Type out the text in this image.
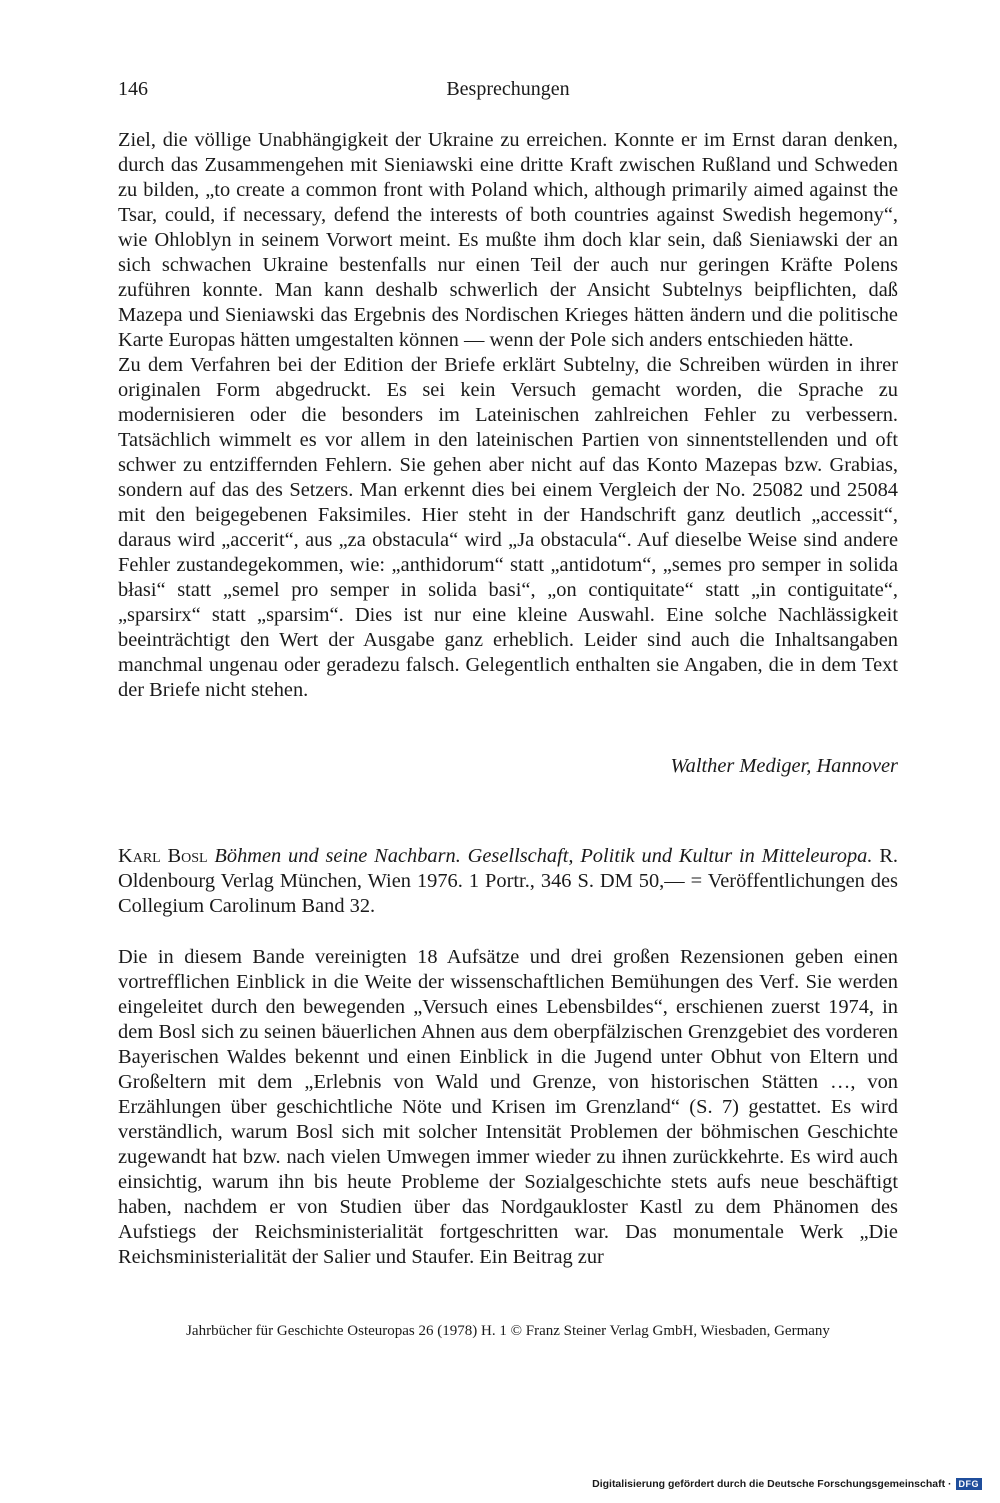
146	Besprechungen

Ziel, die völlige Unabhängigkeit der Ukraine zu erreichen. Konnte er im Ernst daran denken, durch das Zusammengehen mit Sieniawski eine dritte Kraft zwischen Rußland und Schweden zu bilden, „to create a common front with Poland which, although primarily aimed against the Tsar, could, if necessary, defend the interests of both countries against Swedish hegemony“, wie Ohloblyn in seinem Vorwort meint. Es mußte ihm doch klar sein, daß Sieniawski der an sich schwachen Ukraine bestenfalls nur einen Teil der auch nur geringen Kräfte Polens zuführen konnte. Man kann deshalb schwerlich der Ansicht Subtelnys beipflichten, daß Mazepa und Sieniawski das Ergebnis des Nordischen Krieges hätten ändern und die politische Karte Europas hätten umgestalten können — wenn der Pole sich anders entschieden hätte.

Zu dem Verfahren bei der Edition der Briefe erklärt Subtelny, die Schreiben würden in ihrer originalen Form abgedruckt. Es sei kein Versuch gemacht worden, die Sprache zu modernisieren oder die besonders im Lateinischen zahlreichen Fehler zu verbessern. Tatsächlich wimmelt es vor allem in den lateinischen Partien von sinnentstellenden und oft schwer zu entziffernden Fehlern. Sie gehen aber nicht auf das Konto Mazepas bzw. Grabias, sondern auf das des Setzers. Man erkennt dies bei einem Vergleich der No. 25082 und 25084 mit den beigegebenen Faksimiles. Hier steht in der Handschrift ganz deutlich „accessit“, daraus wird „accerit“, aus „za obstacula“ wird „Ja obstacula“. Auf dieselbe Weise sind andere Fehler zustandegekommen, wie: „anthidorum“ statt „antidotum“, „semes pro semper in solida błasi“ statt „semel pro semper in solida basi“, „on contiquitate“ statt „in contiguitate“, „sparsirx“ statt „sparsim“. Dies ist nur eine kleine Auswahl. Eine solche Nachlässigkeit beeinträchtigt den Wert der Ausgabe ganz erheblich. Leider sind auch die Inhaltsangaben manchmal ungenau oder geradezu falsch. Gelegentlich enthalten sie Angaben, die in dem Text der Briefe nicht stehen.

Walther Mediger, Hannover
Karl Bosl Böhmen und seine Nachbarn. Gesellschaft, Politik und Kultur in Mitteleuropa. R. Oldenbourg Verlag München, Wien 1976. 1 Portr., 346 S. DM 50,— = Veröffentlichungen des Collegium Carolinum Band 32.

Die in diesem Bande vereinigten 18 Aufsätze und drei großen Rezensionen geben einen vortrefflichen Einblick in die Weite der wissenschaftlichen Bemühungen des Verf. Sie werden eingeleitet durch den bewegenden „Versuch eines Lebensbildes“, erschienen zuerst 1974, in dem Bosl sich zu seinen bäuerlichen Ahnen aus dem oberpfälzischen Grenzgebiet des vorderen Bayerischen Waldes bekennt und einen Einblick in die Jugend unter Obhut von Eltern und Großeltern mit dem „Erlebnis von Wald und Grenze, von historischen Stätten …, von Erzählungen über geschichtliche Nöte und Krisen im Grenzland“ (S. 7) gestattet. Es wird verständlich, warum Bosl sich mit solcher Intensität Problemen der böhmischen Geschichte zugewandt hat bzw. nach vielen Umwegen immer wieder zu ihnen zurückkehrte. Es wird auch einsichtig, warum ihn bis heute Probleme der Sozialgeschichte stets aufs neue beschäftigt haben, nachdem er von Studien über das Nordgaukloster Kastl zu dem Phänomen des Aufstiegs der Reichsministerialität fortgeschritten war. Das monumentale Werk „Die Reichsministerialität der Salier und Staufer. Ein Beitrag zur

Jahrbücher für Geschichte Osteuropas 26 (1978) H. 1 © Franz Steiner Verlag GmbH, Wiesbaden, Germany
Digitalisierung gefördert durch die Deutsche Forschungsgemeinschaft · DFG
